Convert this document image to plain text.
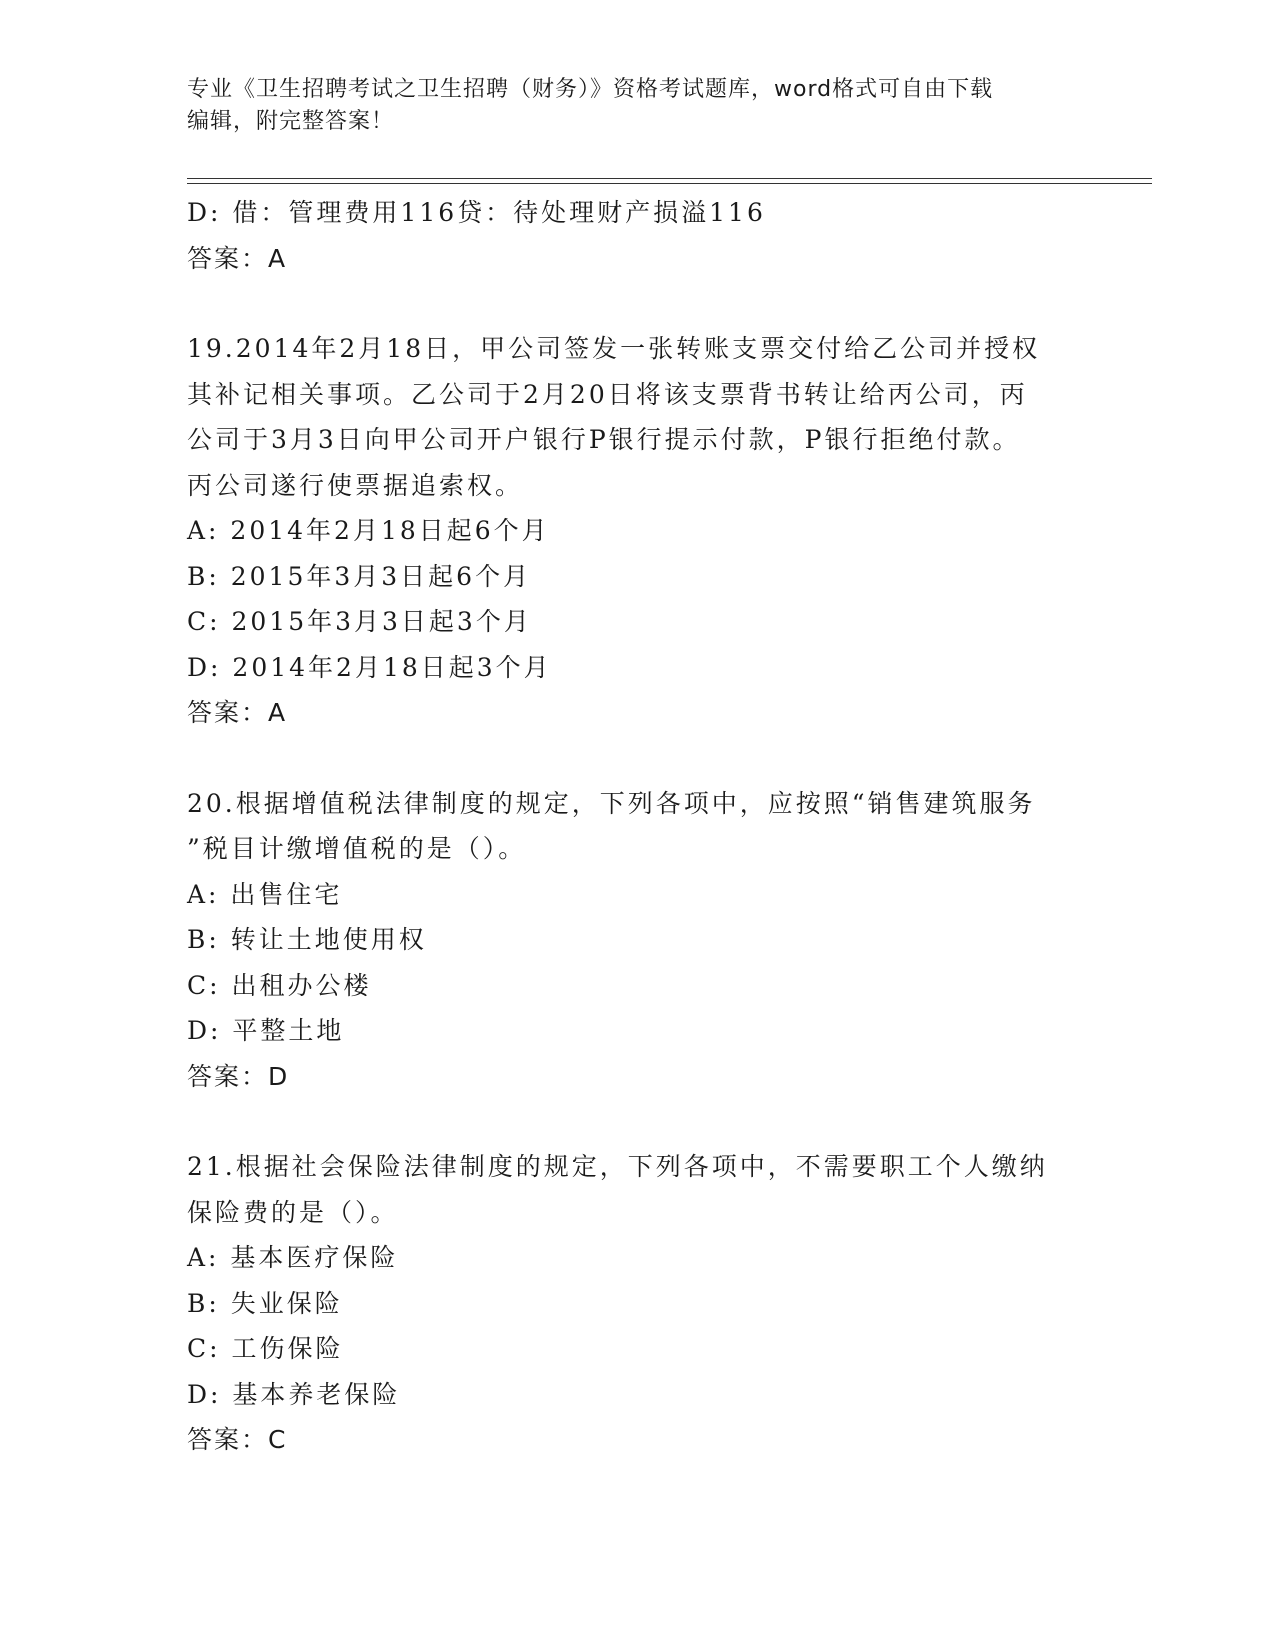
专业《卫生招聘考试之卫生招聘（财务）》资格考试题库，word格式可自由下载
编辑，附完整答案！
D: 借：管理费用116贷：待处理财产损溢116
答案：A
19.2014年2月18日，甲公司签发一张转账支票交付给乙公司并授权
其补记相关事项。乙公司于2月20日将该支票背书转让给丙公司，丙
公司于3月3日向甲公司开户银行P银行提示付款，P银行拒绝付款。
丙公司遂行使票据追索权。
A: 2014年2月18日起6个月
B: 2015年3月3日起6个月
C: 2015年3月3日起3个月
D: 2014年2月18日起3个月
答案：A
20.根据增值税法律制度的规定，下列各项中，应按照“销售建筑服务
”税目计缴增值税的是（）。
A: 出售住宅
B: 转让土地使用权
C: 出租办公楼
D: 平整土地
答案：D
21.根据社会保险法律制度的规定，下列各项中，不需要职工个人缴纳
保险费的是（）。
A: 基本医疗保险
B: 失业保险
C: 工伤保险
D: 基本养老保险
答案：C
